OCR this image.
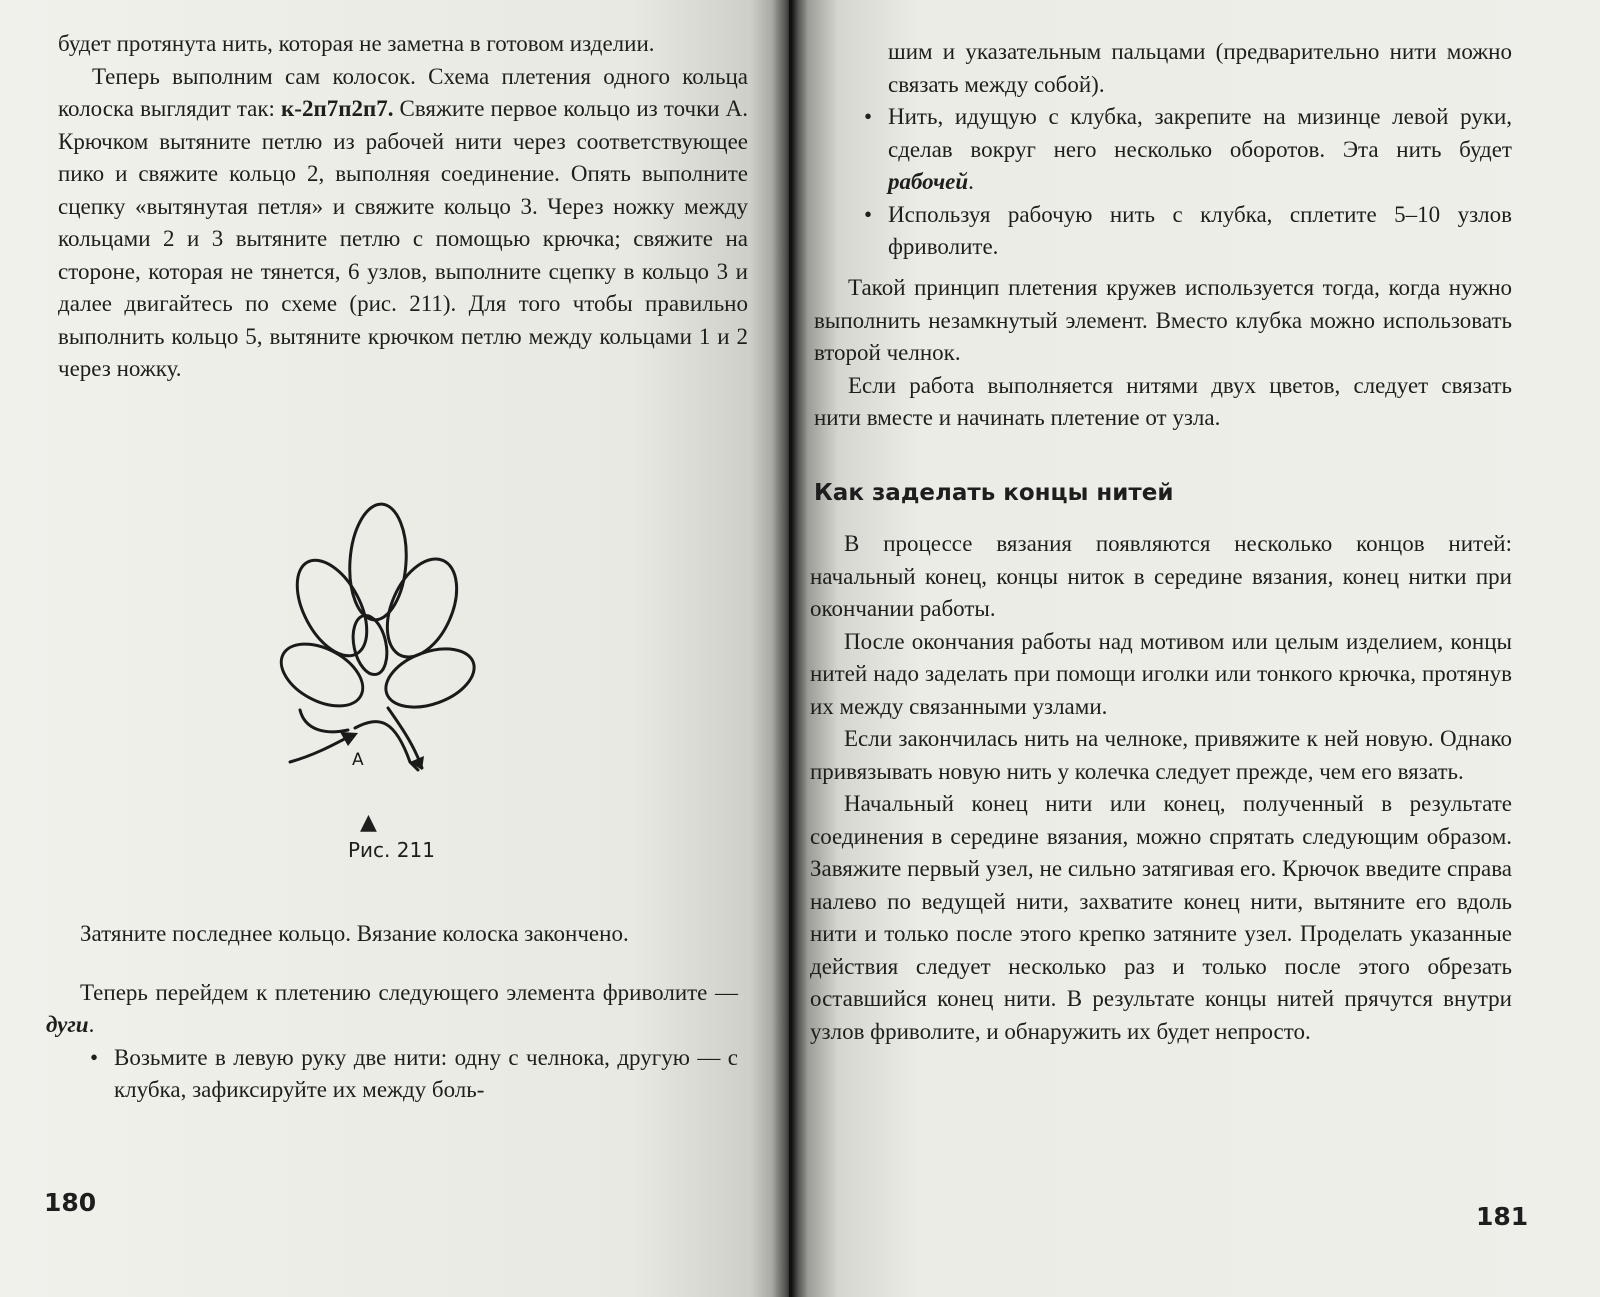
будет протянута нить, которая не заметна в готовом изделии.

Теперь выполним сам колосок. Схема плетения одного кольца колоска выглядит так: к-2п7п2п7. Свяжите первое кольцо из точки А. Крючком вытяните петлю из рабочей нити через соответствующее пико и свяжите кольцо 2, выполняя соединение. Опять выполните сцепку «вытянутая петля» и свяжите кольцо 3. Через ножку между кольцами 2 и 3 вытяните петлю с помощью крючка; свяжите на стороне, которая не тянется, 6 узлов, выполните сцепку в кольцо 3 и далее двигайтесь по схеме (рис. 211). Для того чтобы правильно выполнить кольцо 5, вытяните крючком петлю между кольцами 1 и 2 через ножку.

А
▲
Рис. 211

Затяните последнее кольцо. Вязание колоска закончено.

Теперь перейдем к плетению следующего элемента фриволите — дуги.

• Возьмите в левую руку две нити: одну с челнока, другую — с клубка, зафиксируйте их между боль-
180
шим и указательным пальцами (предварительно нити можно связать между собой).
• Нить, идущую с клубка, закрепите на мизинце левой руки, сделав вокруг него несколько оборотов. Эта нить будет рабочей.
• Используя рабочую нить с клубка, сплетите 5–10 узлов фриволите.

Такой принцип плетения кружев используется тогда, когда нужно выполнить незамкнутый элемент. Вместо клубка можно использовать второй челнок.

Если работа выполняется нитями двух цветов, следует связать нити вместе и начинать плетение от узла.

Как заделать концы нитей

В процессе вязания появляются несколько концов нитей: начальный конец, концы ниток в середине вязания, конец нитки при окончании работы.

После окончания работы над мотивом или целым изделием, концы нитей надо заделать при помощи иголки или тонкого крючка, протянув их между связанными узлами.

Если закончилась нить на челноке, привяжите к ней новую. Однако привязывать новую нить у колечка следует прежде, чем его вязать.

Начальный конец нити или конец, полученный в результате соединения в середине вязания, можно спрятать следующим образом. Завяжите первый узел, не сильно затягивая его. Крючок введите справа налево по ведущей нити, захватите конец нити, вытяните его вдоль нити и только после этого крепко затяните узел. Проделать указанные действия следует несколько раз и только после этого обрезать оставшийся конец нити. В результате концы нитей прячутся внутри узлов фриволите, и обнаружить их будет непросто.

181
